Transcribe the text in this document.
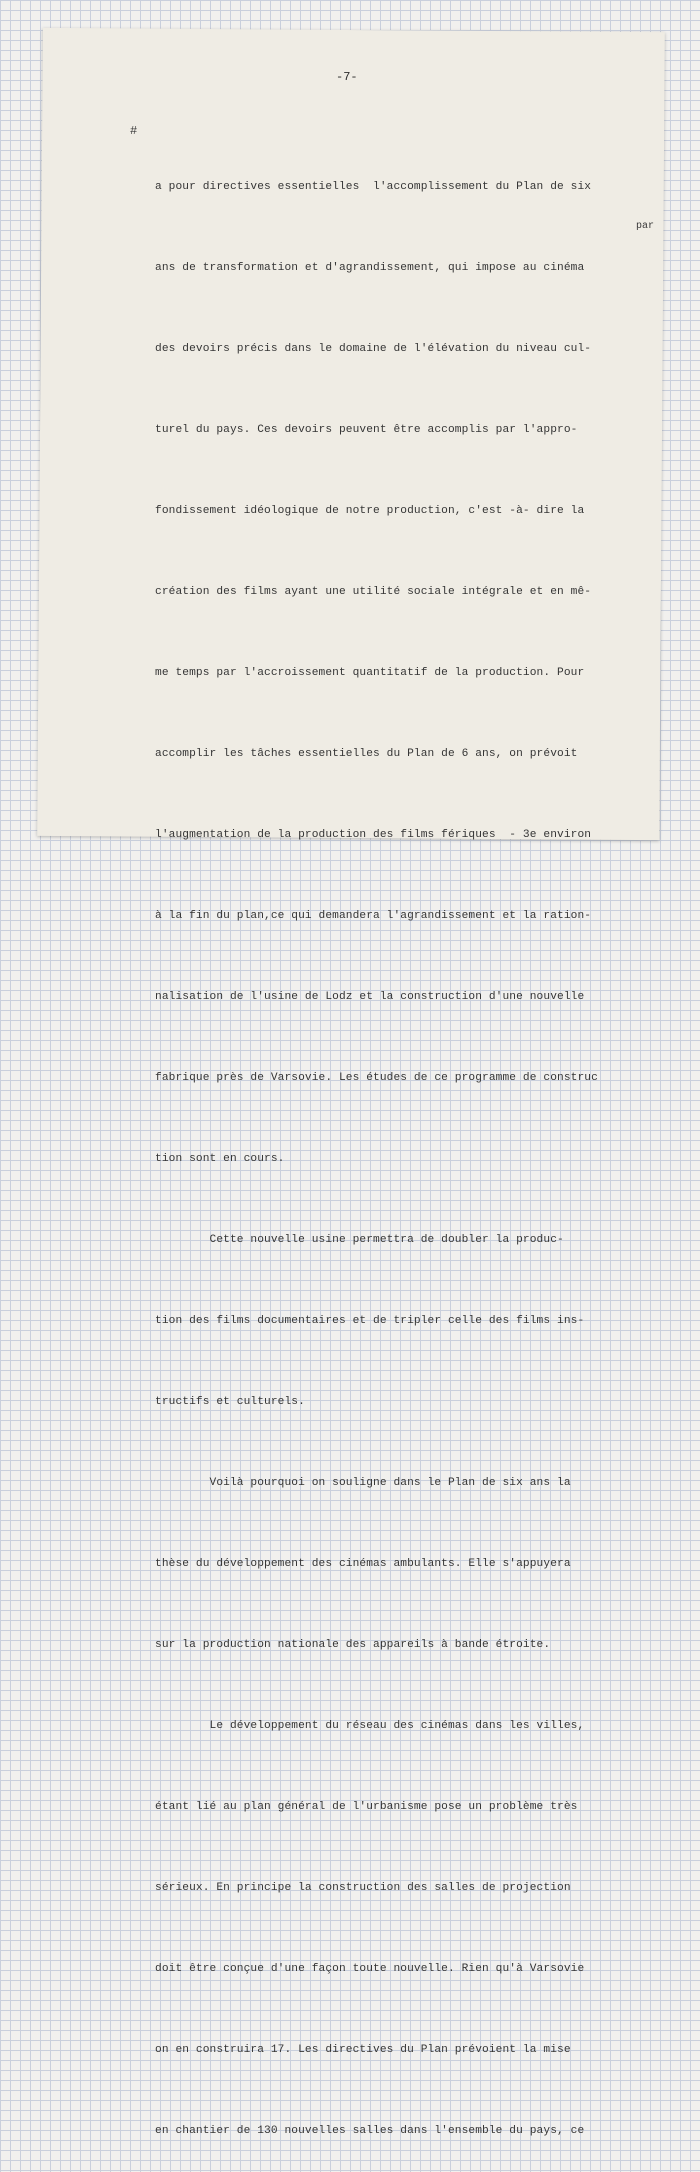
-7-
#
par

a pour directives essentielles  l'accomplissement du Plan de six

ans de transformation et d'agrandissement, qui impose au cinéma

des devoirs précis dans le domaine de l'élévation du niveau cul-

turel du pays. Ces devoirs peuvent être accomplis par l'appro-

fondissement idéologique de notre production, c'est -à- dire la

création des films ayant une utilité sociale intégrale et en mê-

me temps par l'accroissement quantitatif de la production. Pour

accomplir les tâches essentielles du Plan de 6 ans, on prévoit

l'augmentation de la production des films fériques  - 3e environ

à la fin du plan,ce qui demandera l'agrandissement et la ration-

nalisation de l'usine de Lodz et la construction d'une nouvelle

fabrique près de Varsovie. Les études de ce programme de construc

tion sont en cours.

Cette nouvelle usine permettra de doubler la produc-

tion des films documentaires et de tripler celle des films ins-

tructifs et culturels.

Voilà pourquoi on souligne dans le Plan de six ans la

thèse du développement des cinémas ambulants. Elle s'appuyera

sur la production nationale des appareils à bande étroite.

Le développement du réseau des cinémas dans les villes,

étant lié au plan général de l'urbanisme pose un problème très

sérieux. En principe la construction des salles de projection

doit être conçue d'une façon toute nouvelle. Rien qu'à Varsovie

on en construira 17. Les directives du Plan prévoient la mise

en chantier de 130 nouvelles salles dans l'ensemble du pays, ce
